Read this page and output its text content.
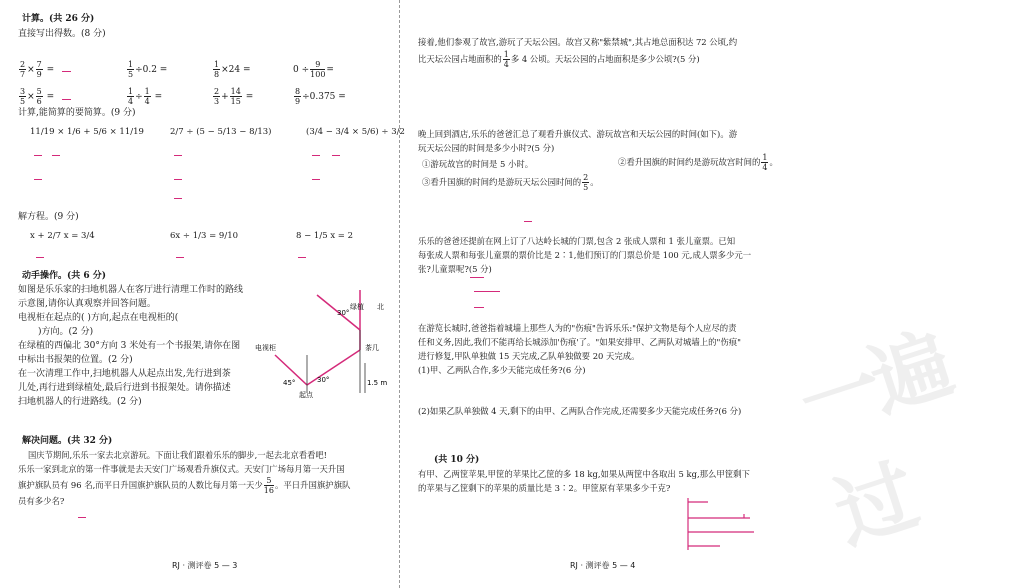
计算。(共 26 分)
直接写出得数。(8 分)
$\frac{2}{7} \times \frac{7}{9}$ =	$\frac{1}{5} \div 0.2$ =	$\frac{1}{8} \times 24$ =	$0 \div \frac{9}{100}$ =
$\frac{3}{5} \times \frac{5}{6}$ =	$\frac{1}{4} \div \frac{1}{4}$ =	$\frac{2}{3} + \frac{14}{15}$ =	$\frac{8}{9} \div 0.375$ =
计算,能简算的要简算。(9 分)
11/19 × 1/6 + 5/6 × 11/19	2/7 ÷ (5 − 5/13 − 8/13)	(3/4 − 3/4 × 5/6) ÷ 3/2
解方程。(9 分)
x + 2/7 x = 3/4	6x ÷ 1/3 = 9/10	8 − 1/5 x = 2
动手操作。(共 6 分)
如图是乐乐家的扫地机器人在客厅进行清理工作时的路线
示意图,请你认真观察并回答问题。
电视柜在起点的( )方向,起点在电视柜的(
)方向。(2 分)
在绿植的西偏北 30°方向 3 米处有一个书报架,请你在图
中标出书报架的位置。(2 分)
在一次清理工作中,扫地机器人从起点出发,先行进到茶
儿处,再行进到绿植处,最后行进到书报架处。请你描述
扫地机器人的行进路线。(2 分)
绿植 北
30°
电视柜	茶几
45°	30°
起点
1.5 m
解决问题。(共 32 分)
国庆节期间,乐乐一家去北京游玩。下面让我们跟着乐乐的脚步,一起去北京看看吧!
乐乐一家到北京的第一件事就是去天安门广场观看升旗仪式。天安门广场每月第一天升国
旗护旗队员有 96 名,而平日升国旗护旗队员的人数比每月第一天少 $\frac{5}{16}$ 。平日升国旗护旗队
员有多少名?
RJ · 测评卷 5 — 3
接着,他们参观了故宫,游玩了天坛公园。故宫又称"紫禁城",其占地总面积达 72 公顷,约
比天坛公园占地面积的 $\frac{1}{4}$ 多 4 公顷。天坛公园的占地面积是多少公顷?(5 分)
晚上回到酒店,乐乐的爸爸汇总了观看升旗仪式、游玩故宫和天坛公园的时间(如下)。游
玩天坛公园的时间是多少小时?(5 分)
①游玩故宫的时间是 5 小时。	②看升国旗的时间约是游玩故宫时间的 $\frac{1}{4}$ 。
③看升国旗的时间约是游玩天坛公园时间的 $\frac{2}{5}$ 。
乐乐的爸爸还提前在网上订了八达岭长城的门票,包含 2 张成人票和 1 张儿童票。已知
每张成人票和每张儿童票的票价比是 2∶1,他们预订的门票总价是 100 元,成人票多少元一
张?儿童票呢?(5 分)
在游览长城时,爸爸指着城墙上那些人为的"伤痕"告诉乐乐:"保护文物是每个人应尽的责
任和义务,因此,我们不能再给长城添加'伤痕'了。"如果安排甲、乙两队对城墙上的"伤痕"
进行修复,甲队单独做 15 天完成,乙队单独做要 20 天完成。
(1)甲、乙两队合作,多少天能完成任务?(6 分)
(2)如果乙队单独做 4 天,剩下的由甲、乙两队合作完成,还需要多少天能完成任务?(6 分)
(共 10 分)
有甲、乙两筐苹果,甲筐的苹果比乙筐的多 18 kg,如果从两筐中各取出 5 kg,那么甲筐剩下
的苹果与乙筐剩下的苹果的质量比是 3∶2。甲筐原有苹果多少千克?
一遍过
RJ · 测评卷 5 — 4
